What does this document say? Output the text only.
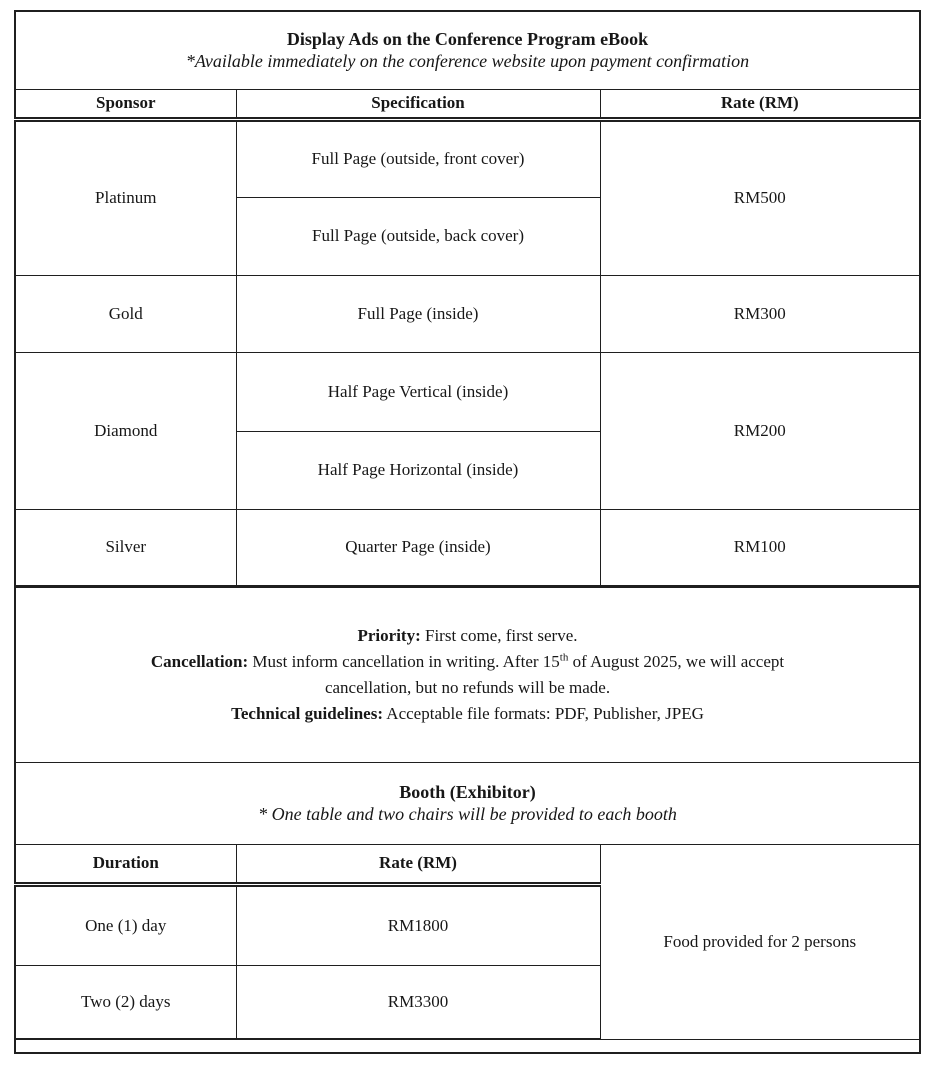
Display Ads on the Conference Program eBook
*Available immediately on the conference website upon payment confirmation		

Sponsor	Specification	Rate (RM)
Platinum	Full Page (outside, front cover)	RM500
	Full Page (outside, back cover)	
Gold	Full Page (inside)	RM300
Diamond	Half Page Vertical (inside)	RM200
	Half Page Horizontal (inside)	
Silver	Quarter Page (inside)	RM100

Priority: First come, first serve.
Cancellation: Must inform cancellation in writing. After 15th of August 2025, we will accept
cancellation, but no refunds will be made.
Technical guidelines: Acceptable file formats: PDF, Publisher, JPEG		

Booth (Exhibitor)
* One table and two chairs will be provided to each booth		

Duration	Rate (RM)	Food provided for 2 persons
One (1) day	RM1800	
Two (2) days	RM3300	
